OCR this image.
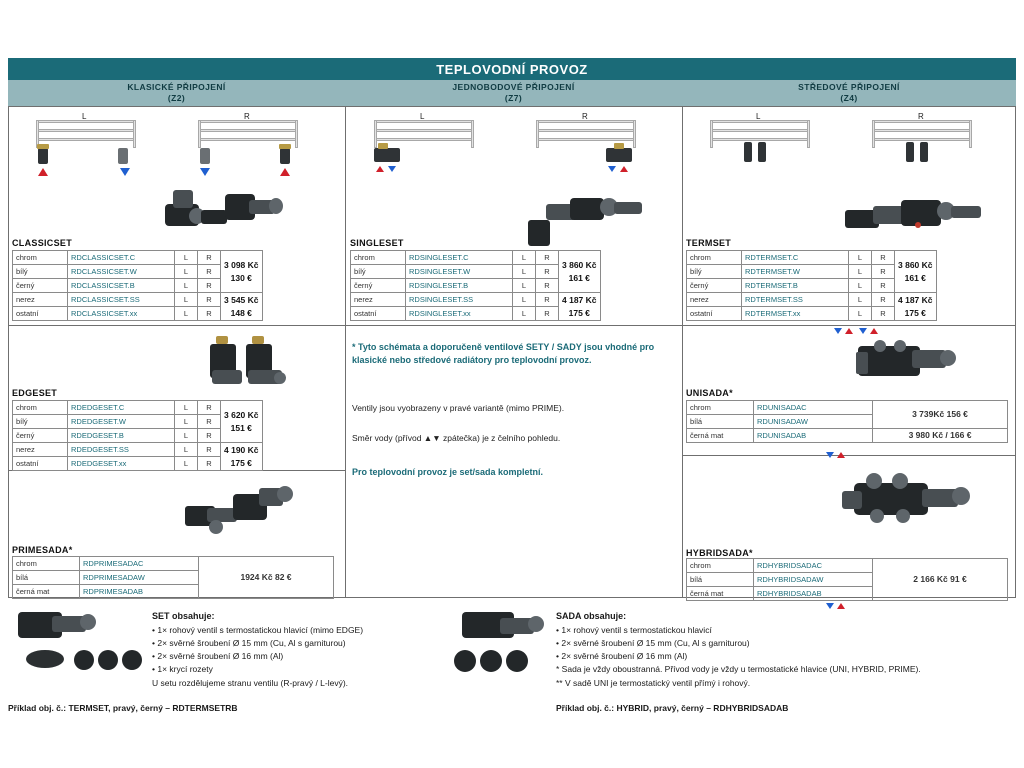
TEPLOVODNÍ PROVOZ
KLASICKÉ PŘIPOJENÍ
(Z2)
JEDNOBODOVÉ PŘIPOJENÍ
(Z7)
STŘEDOVÉ PŘIPOJENÍ
(Z4)
L	R
CLASSICSET
chrom	RDCLASSICSET.C	L	R	3 098 Kč
130 €

bílý	RDCLASSICSET.W	L	R	
černý	RDCLASSICSET.B	L	R	
nerez	RDCLASSICSET.SS	L	R	3 545 Kč
148 €

ostatní	RDCLASSICSET.xx	L	R	
EDGESET
chrom	RDEDGESET.C	L	R	3 620 Kč
151 €

bílý	RDEDGESET.W	L	R	
černý	RDEDGESET.B	L	R	
nerez	RDEDGESET.SS	L	R	4 190 Kč
175 €

ostatní	RDEDGESET.xx	L	R	
PRIMESADA*
chrom	RDPRIMESADAC	1924 Kč 82 €
bílá	RDPRIMESADAW	
černá mat	RDPRIMESADAB	
L	R
SINGLESET
chrom	RDSINGLESET.C	L	R	3 860 Kč
161 €

bílý	RDSINGLESET.W	L	R	
černý	RDSINGLESET.B	L	R	
nerez	RDSINGLESET.SS	L	R	4 187 Kč
175 €

ostatní	RDSINGLESET.xx	L	R	
* Tyto schémata a doporučeně ventilové SETY / SADY jsou vhodné pro klasické nebo středové radiátory pro teplovodní provoz.
Ventily jsou vyobrazeny v pravé variantě (mimo PRIME).
Směr vody (přívod ▲▼ zpátečka) je z čelního pohledu.
Pro teplovodní provoz je set/sada kompletní.
L	R
TERMSET
chrom	RDTERMSET.C	L	R	3 860 Kč
161 €

bílý	RDTERMSET.W	L	R	
černý	RDTERMSET.B	L	R	
nerez	RDTERMSET.SS	L	R	4 187 Kč
175 €

ostatní	RDTERMSET.xx	L	R	
UNISADA*
chrom	RDUNISADAC	3 739Kč 156 €
bílá	RDUNISADAW	
černá mat	RDUNISADAB	3 980 Kč / 166 €
HYBRIDSADA*
chrom	RDHYBRIDSADAC	2 166 Kč 91 €
bílá	RDHYBRIDSADAW	
černá mat	RDHYBRIDSADAB	
SET obsahuje:
• 1× rohový ventil s termostatickou hlavicí (mimo EDGE)
• 2× svěrné šroubení Ø 15 mm (Cu, Al s garniturou)
• 2× svěrné šroubení Ø 16 mm (Al)
• 1× krycí rozety
U setu rozdělujeme stranu ventilu (R-pravý / L-levý).
Příklad obj. č.: TERMSET, pravý, černý – RDTERMSETRB
SADA obsahuje:
• 1× rohový ventil s termostatickou hlavicí
• 2× svěrné šroubení Ø 15 mm (Cu, Al s garniturou)
• 2× svěrné šroubení Ø 16 mm (Al)
* Sada je vždy oboustranná. Přívod vody je vždy u termostatické hlavice (UNI, HYBRID, PRIME).
** V sadě UNI je termostatický ventil přímý i rohový.
Příklad obj. č.: HYBRID, pravý, černý – RDHYBRIDSADAB
